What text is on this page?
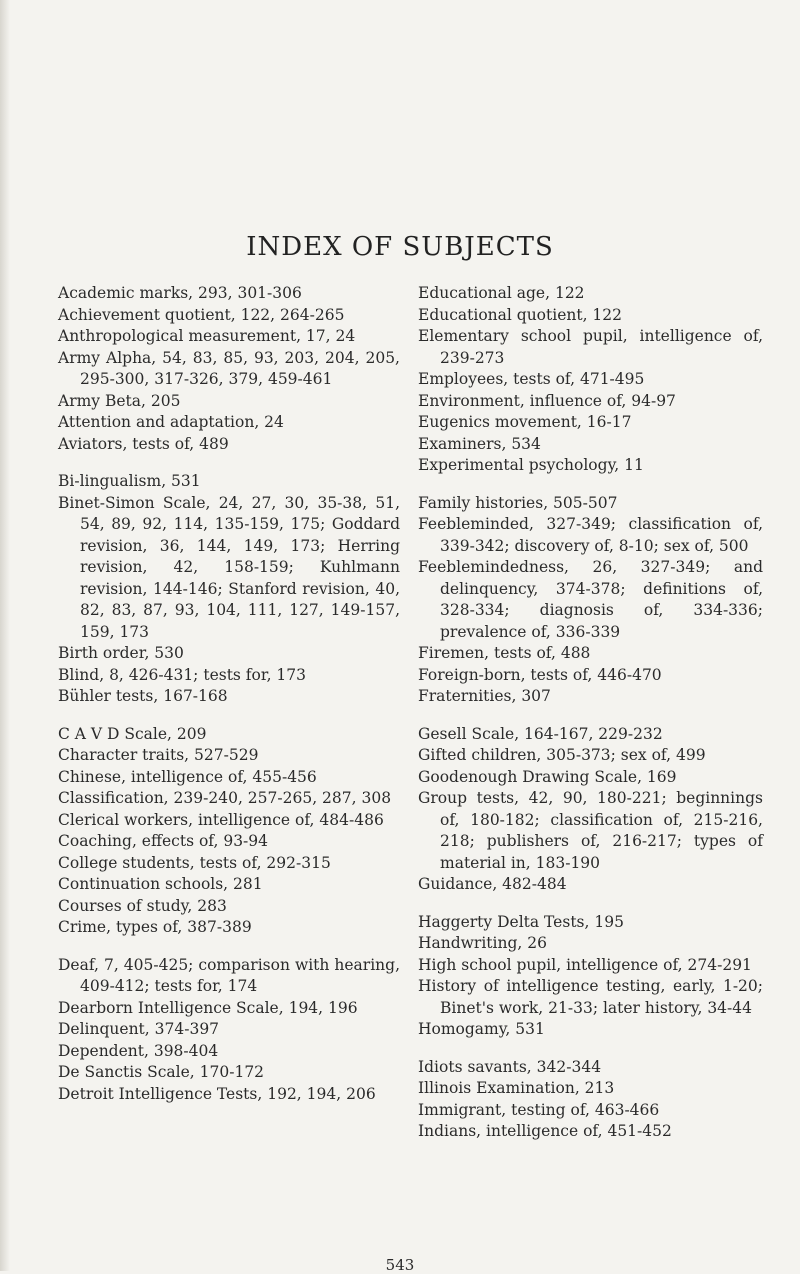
INDEX OF SUBJECTS
Academic marks, 293, 301-306
Achievement quotient, 122, 264-265
Anthropological measurement, 17, 24
Army Alpha, 54, 83, 85, 93, 203, 204, 205, 295-300, 317-326, 379, 459-461
Army Beta, 205
Attention and adaptation, 24
Aviators, tests of, 489
Bi-lingualism, 531
Binet-Simon Scale, 24, 27, 30, 35-38, 51, 54, 89, 92, 114, 135-159, 175; Goddard revision, 36, 144, 149, 173; Herring revision, 42, 158-159; Kuhlmann revision, 144-146; Stanford revision, 40, 82, 83, 87, 93, 104, 111, 127, 149-157, 159, 173
Birth order, 530
Blind, 8, 426-431; tests for, 173
Bühler tests, 167-168
C A V D Scale, 209
Character traits, 527-529
Chinese, intelligence of, 455-456
Classification, 239-240, 257-265, 287, 308
Clerical workers, intelligence of, 484-486
Coaching, effects of, 93-94
College students, tests of, 292-315
Continuation schools, 281
Courses of study, 283
Crime, types of, 387-389
Deaf, 7, 405-425; comparison with hearing, 409-412; tests for, 174
Dearborn Intelligence Scale, 194, 196
Delinquent, 374-397
Dependent, 398-404
De Sanctis Scale, 170-172
Detroit Intelligence Tests, 192, 194, 206
Educational age, 122
Educational quotient, 122
Elementary school pupil, intelligence of, 239-273
Employees, tests of, 471-495
Environment, influence of, 94-97
Eugenics movement, 16-17
Examiners, 534
Experimental psychology, 11
Family histories, 505-507
Feebleminded, 327-349; classification of, 339-342; discovery of, 8-10; sex of, 500
Feeblemindedness, 26, 327-349; and delinquency, 374-378; definitions of, 328-334; diagnosis of, 334-336; prevalence of, 336-339
Firemen, tests of, 488
Foreign-born, tests of, 446-470
Fraternities, 307
Gesell Scale, 164-167, 229-232
Gifted children, 305-373; sex of, 499
Goodenough Drawing Scale, 169
Group tests, 42, 90, 180-221; beginnings of, 180-182; classification of, 215-216, 218; publishers of, 216-217; types of material in, 183-190
Guidance, 482-484
Haggerty Delta Tests, 195
Handwriting, 26
High school pupil, intelligence of, 274-291
History of intelligence testing, early, 1-20; Binet's work, 21-33; later history, 34-44
Homogamy, 531
Idiots savants, 342-344
Illinois Examination, 213
Immigrant, testing of, 463-466
Indians, intelligence of, 451-452
543
